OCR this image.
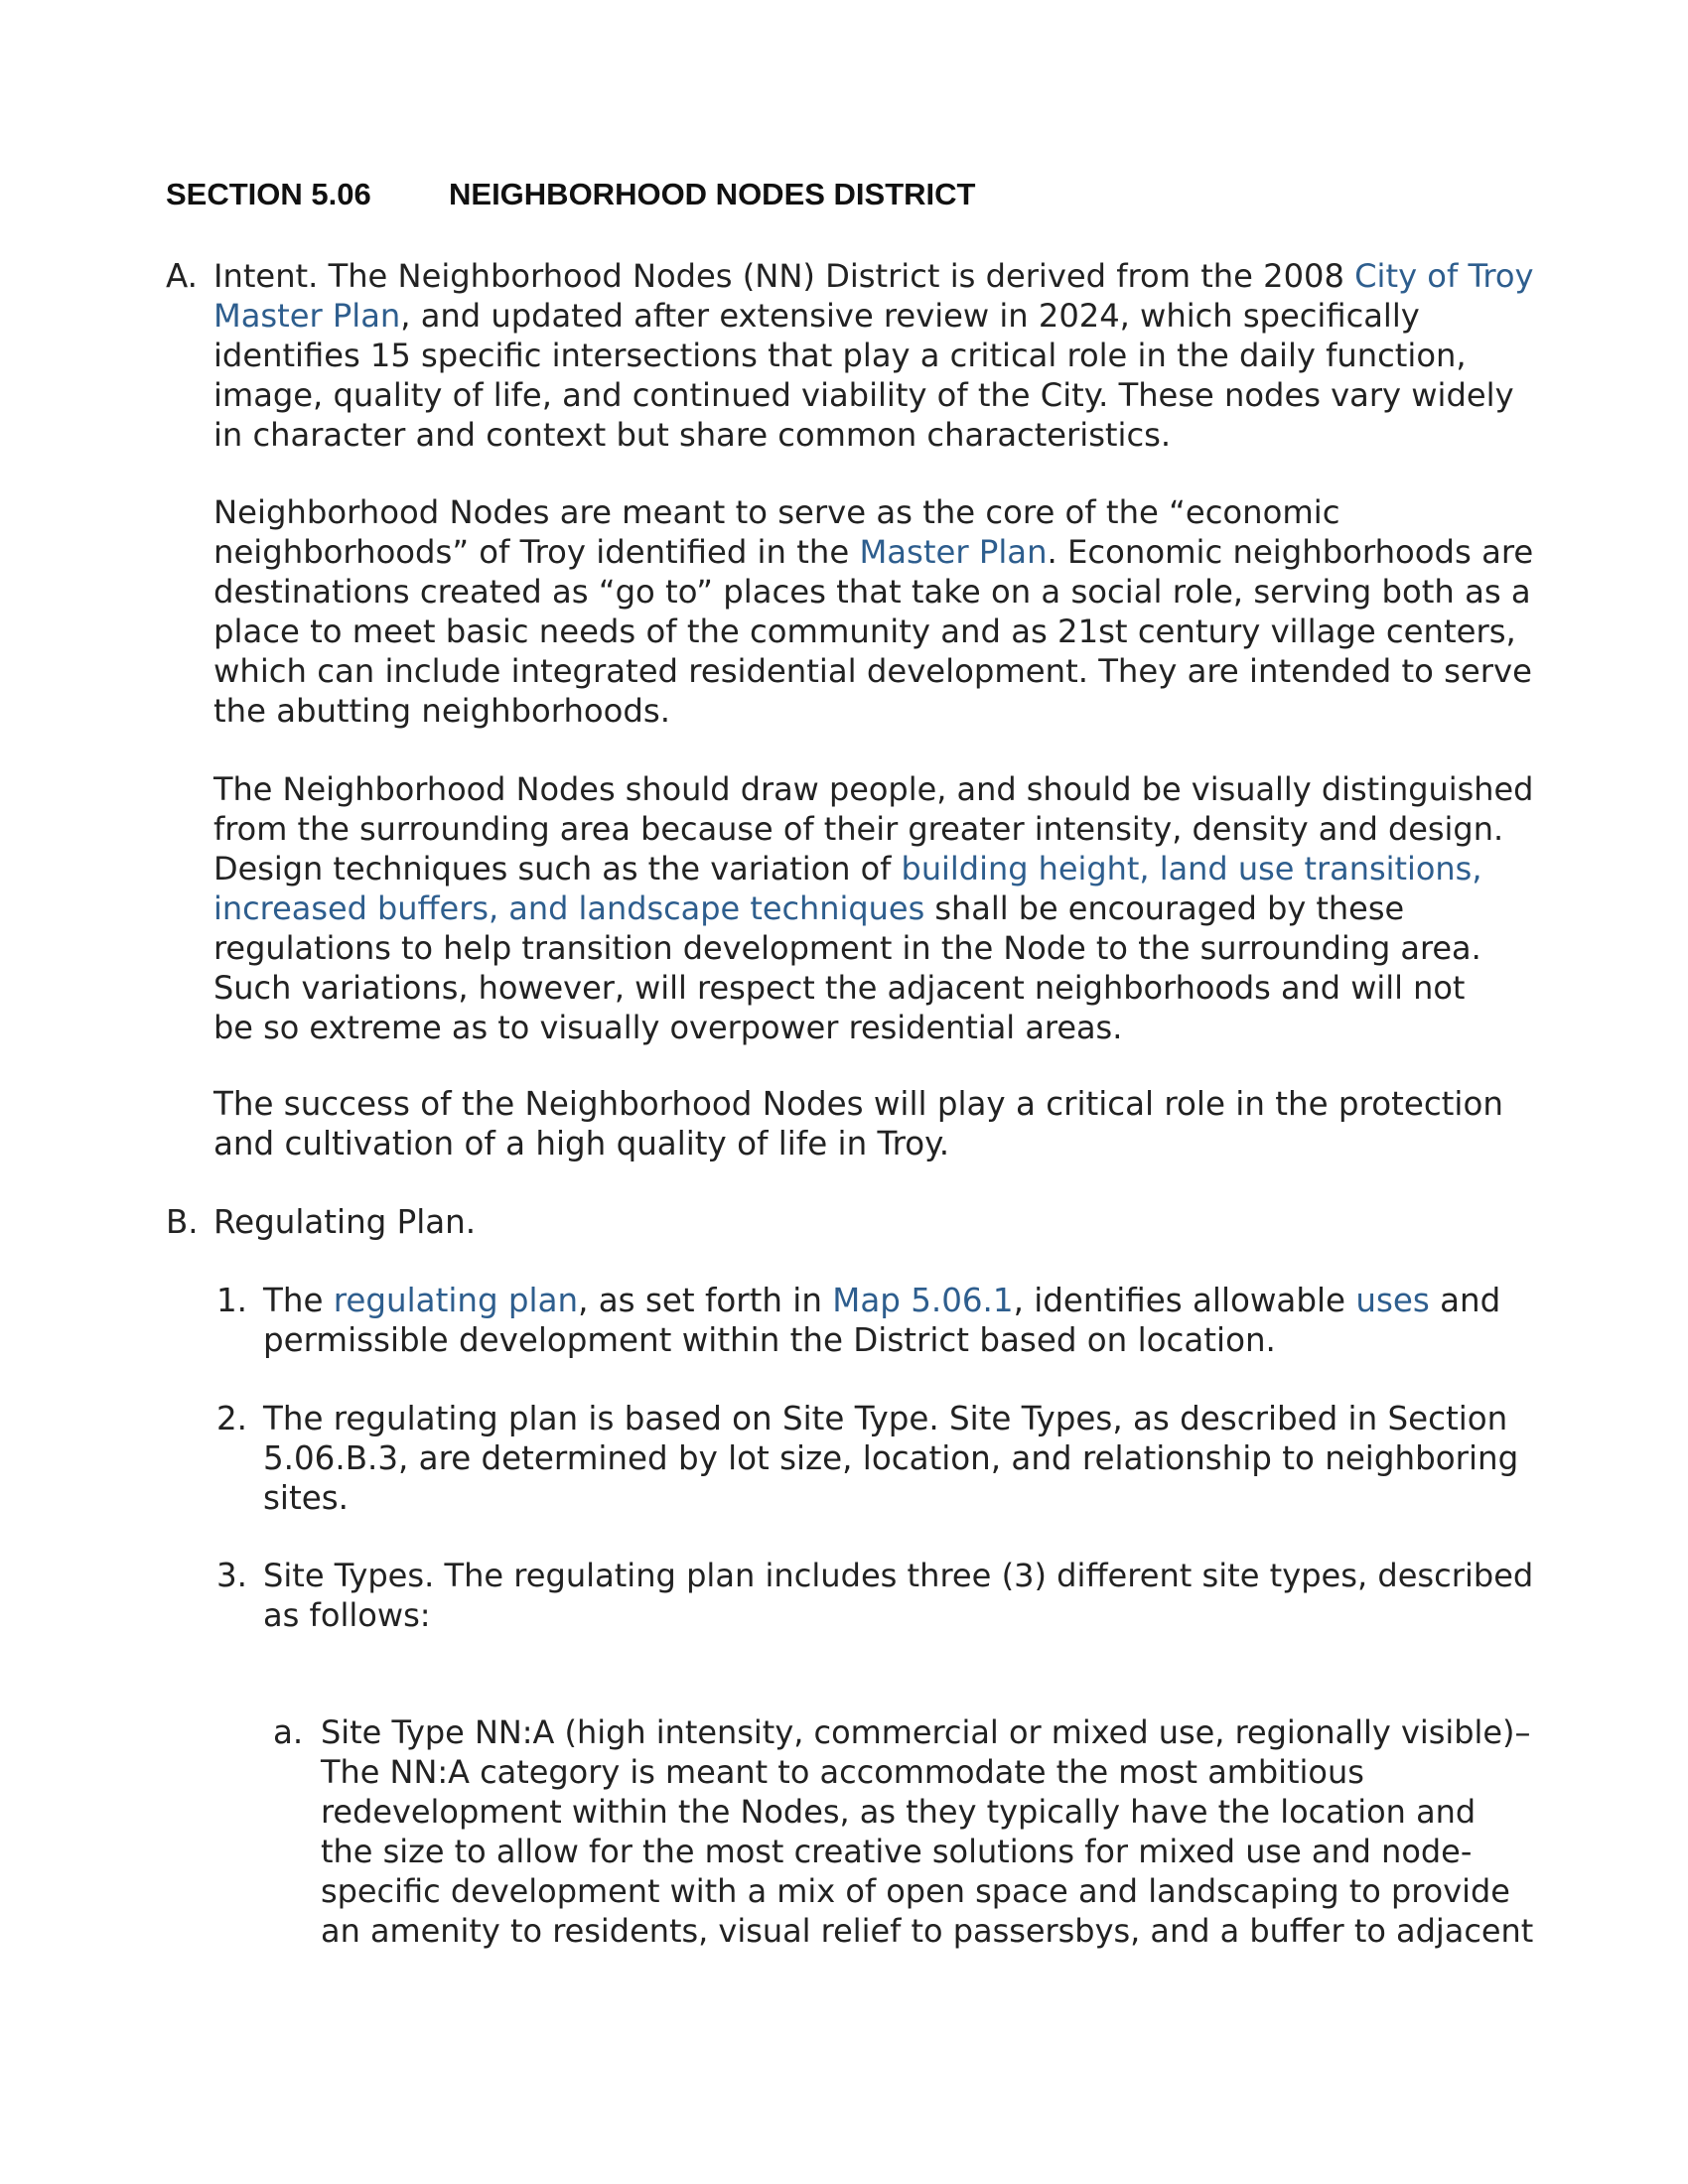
SECTION 5.06	NEIGHBORHOOD NODES DISTRICT
A. Intent. The Neighborhood Nodes (NN) District is derived from the 2008 City of Troy
Master Plan, and updated after extensive review in 2024, which specifically
identifies 15 specific intersections that play a critical role in the daily function,
image, quality of life, and continued viability of the City. These nodes vary widely
in character and context but share common characteristics.
Neighborhood Nodes are meant to serve as the core of the “economic
neighborhoods” of Troy identified in the Master Plan. Economic neighborhoods are
destinations created as “go to” places that take on a social role, serving both as a
place to meet basic needs of the community and as 21st century village centers,
which can include integrated residential development. They are intended to serve
the abutting neighborhoods.
The Neighborhood Nodes should draw people, and should be visually distinguished
from the surrounding area because of their greater intensity, density and design.
Design techniques such as the variation of building height, land use transitions,
increased buffers, and landscape techniques shall be encouraged by these
regulations to help transition development in the Node to the surrounding area.
Such variations, however, will respect the adjacent neighborhoods and will not
be so extreme as to visually overpower residential areas.
The success of the Neighborhood Nodes will play a critical role in the protection
and cultivation of a high quality of life in Troy.
B. Regulating Plan.
1. The regulating plan, as set forth in Map 5.06.1, identifies allowable uses and
permissible development within the District based on location.
2. The regulating plan is based on Site Type. Site Types, as described in Section
5.06.B.3, are determined by lot size, location, and relationship to neighboring
sites.
3. Site Types. The regulating plan includes three (3) different site types, described
as follows:
a. Site Type NN:A (high intensity, commercial or mixed use, regionally visible)–
The NN:A category is meant to accommodate the most ambitious
redevelopment within the Nodes, as they typically have the location and
the size to allow for the most creative solutions for mixed use and node-
specific development with a mix of open space and landscaping to provide
an amenity to residents, visual relief to passersbys, and a buffer to adjacent
